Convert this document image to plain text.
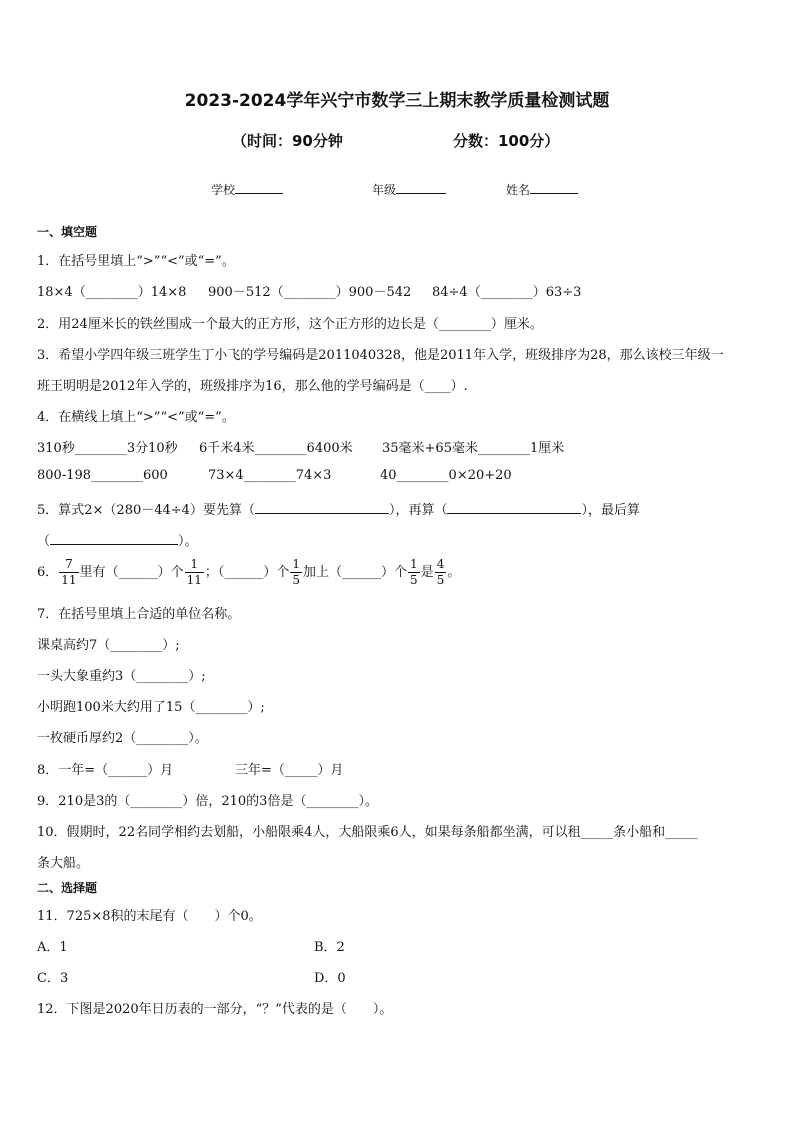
2023-2024学年兴宁市数学三上期末教学质量检测试题
（时间：90分钟	分数：100分）
学校	年级	姓名
一、填空题
1．在括号里填上“>”“<”或“=”。
18×4（________）14×8 900－512（________）900－542 84÷4（________）63÷3
2．用24厘米长的铁丝围成一个最大的正方形，这个正方形的边长是（________）厘米。
3．希望小学四年级三班学生丁小飞的学号编码是2011040328，他是2011年入学，班级排序为28，那么该校三年级一
班王明明是2012年入学的，班级排序为16，那么他的学号编码是（____）.
4．在横线上填上“>”“<”或“=”。
310秒________3分10秒 6千米4米________6400米 35毫米+65毫米________1厘米
800-198________600	73×4________74×3	40________0×20+20
5．算式2×（280－44÷4）要先算（	），再算（	），最后算
（	）。
6． $\frac{7}{11}$ 里有（______）个 $\frac{1}{11}$ ；（______）个 $\frac{1}{5}$ 加上（______）个 $\frac{1}{5}$ 是 $\frac{4}{5}$ 。
7．在括号里填上合适的单位名称。
课桌高约7（________）;
一头大象重约3（________）;
小明跑100米大约用了15（________）;
一枚硬币厚约2（________）。
8．一年=（______）月	三年=（_____）月
9．210是3的（________）倍，210的3倍是（________）。
10．假期时，22名同学相约去划船，小船限乘4人，大船限乘6人，如果每条船都坐满，可以租_____条小船和_____
条大船。
二、选择题
11．725×8积的末尾有（　　）个0。
A．1	B．2
C．3	D．0
12．下图是2020年日历表的一部分，“？”代表的是（　　）。
